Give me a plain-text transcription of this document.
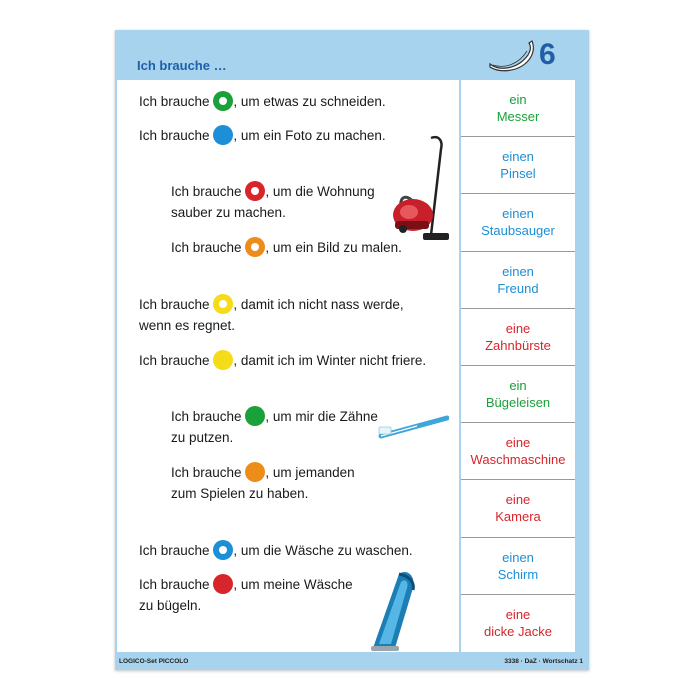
Ich brauche …	6
Ich brauche , um etwas zu schneiden.
Ich brauche , um ein Foto zu machen.
Ich brauche , um die Wohnung
sauber zu machen.
Ich brauche , um ein Bild zu malen.
Ich brauche , damit ich nicht nass werde,
wenn es regnet.
Ich brauche , damit ich im Winter nicht friere.
Ich brauche , um mir die Zähne
zu putzen.
Ich brauche , um jemanden
zum Spielen zu haben.
Ich brauche , um die Wäsche zu waschen.
Ich brauche , um meine Wäsche
zu bügeln.
ein
Messer
einen
Pinsel
einen
Staubsauger
einen
Freund
eine
Zahnbürste
ein
Bügeleisen
eine
Waschmaschine
eine
Kamera
einen
Schirm
eine
dicke Jacke
LOGICO-Set PICCOLO	3338 · DaZ · Wortschatz 1
